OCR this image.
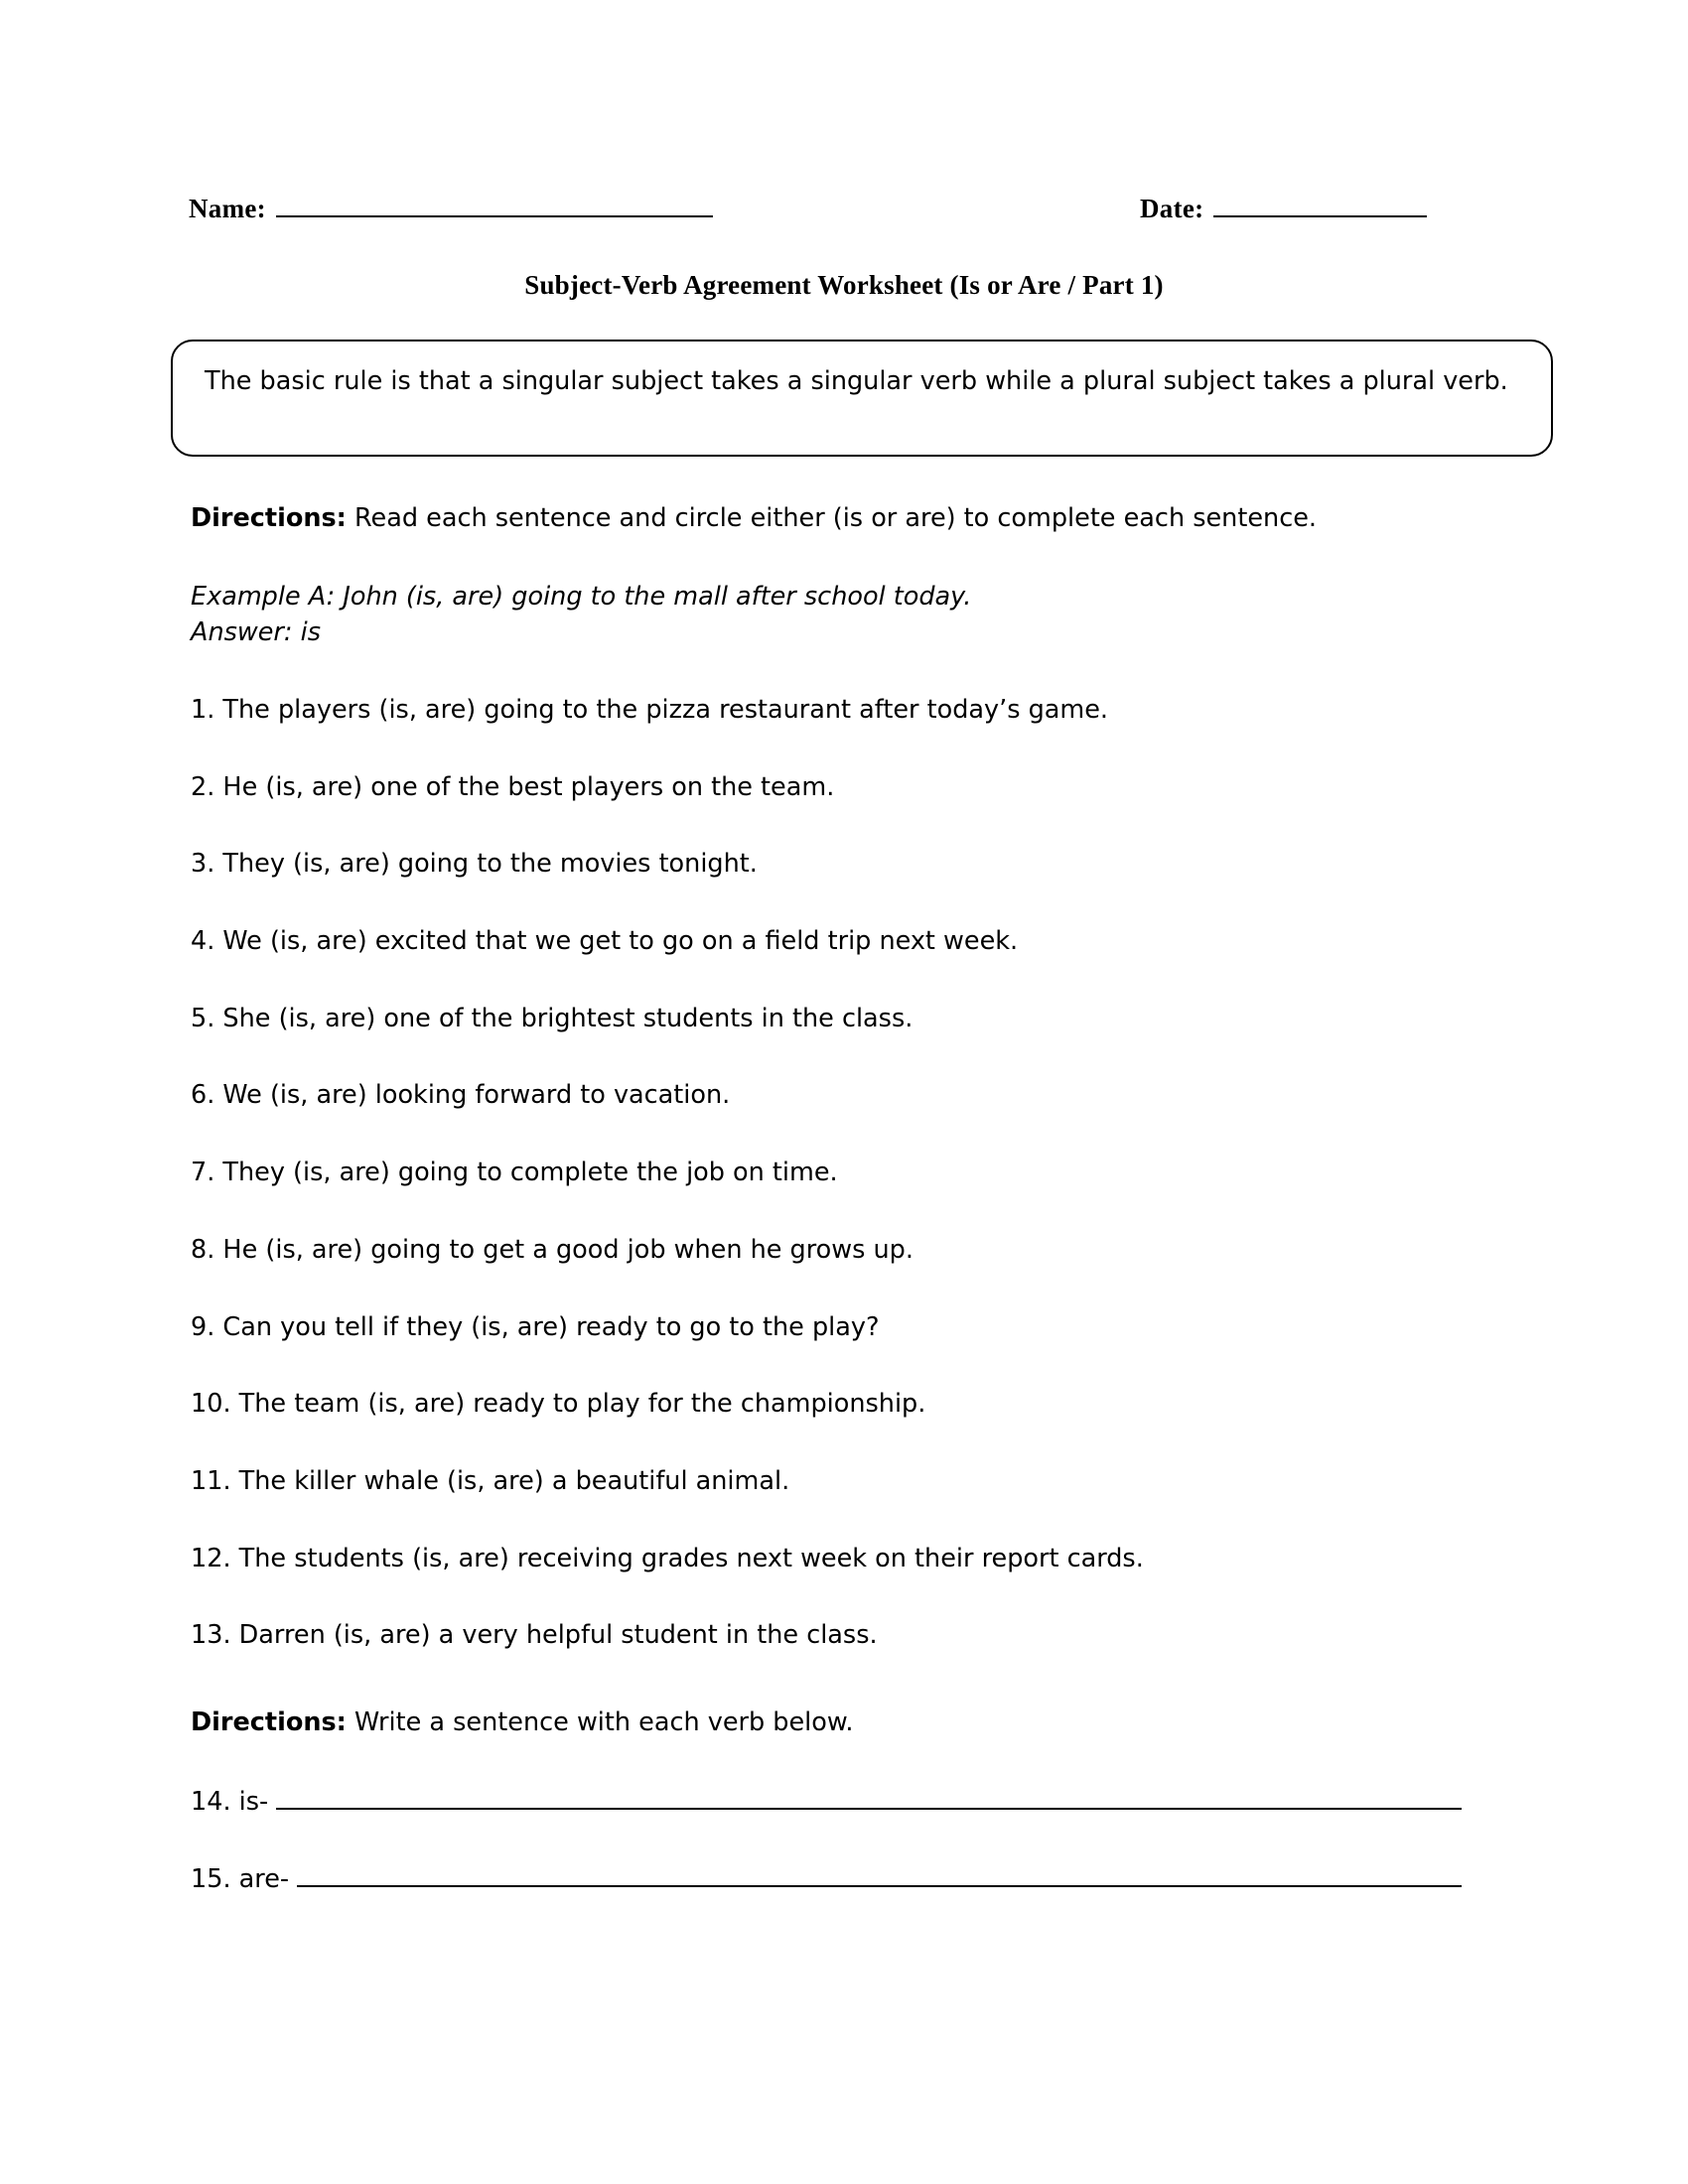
Name:	Date:
Subject-Verb Agreement Worksheet (Is or Are / Part 1)
The basic rule is that a singular subject takes a singular verb while a plural subject takes a plural verb.
Directions: Read each sentence and circle either (is or are) to complete each sentence.
Example A: John (is, are) going to the mall after school today.
Answer: is
1. The players (is, are) going to the pizza restaurant after today’s game.
2. He (is, are) one of the best players on the team.
3. They (is, are) going to the movies tonight.
4. We (is, are) excited that we get to go on a field trip next week.
5. She (is, are) one of the brightest students in the class.
6. We (is, are) looking forward to vacation.
7. They (is, are) going to complete the job on time.
8. He (is, are) going to get a good job when he grows up.
9. Can you tell if they (is, are) ready to go to the play?
10. The team (is, are) ready to play for the championship.
11. The killer whale (is, are) a beautiful animal.
12. The students (is, are) receiving grades next week on their report cards.
13. Darren (is, are) a very helpful student in the class.
Directions: Write a sentence with each verb below.
14. is-
15. are-
